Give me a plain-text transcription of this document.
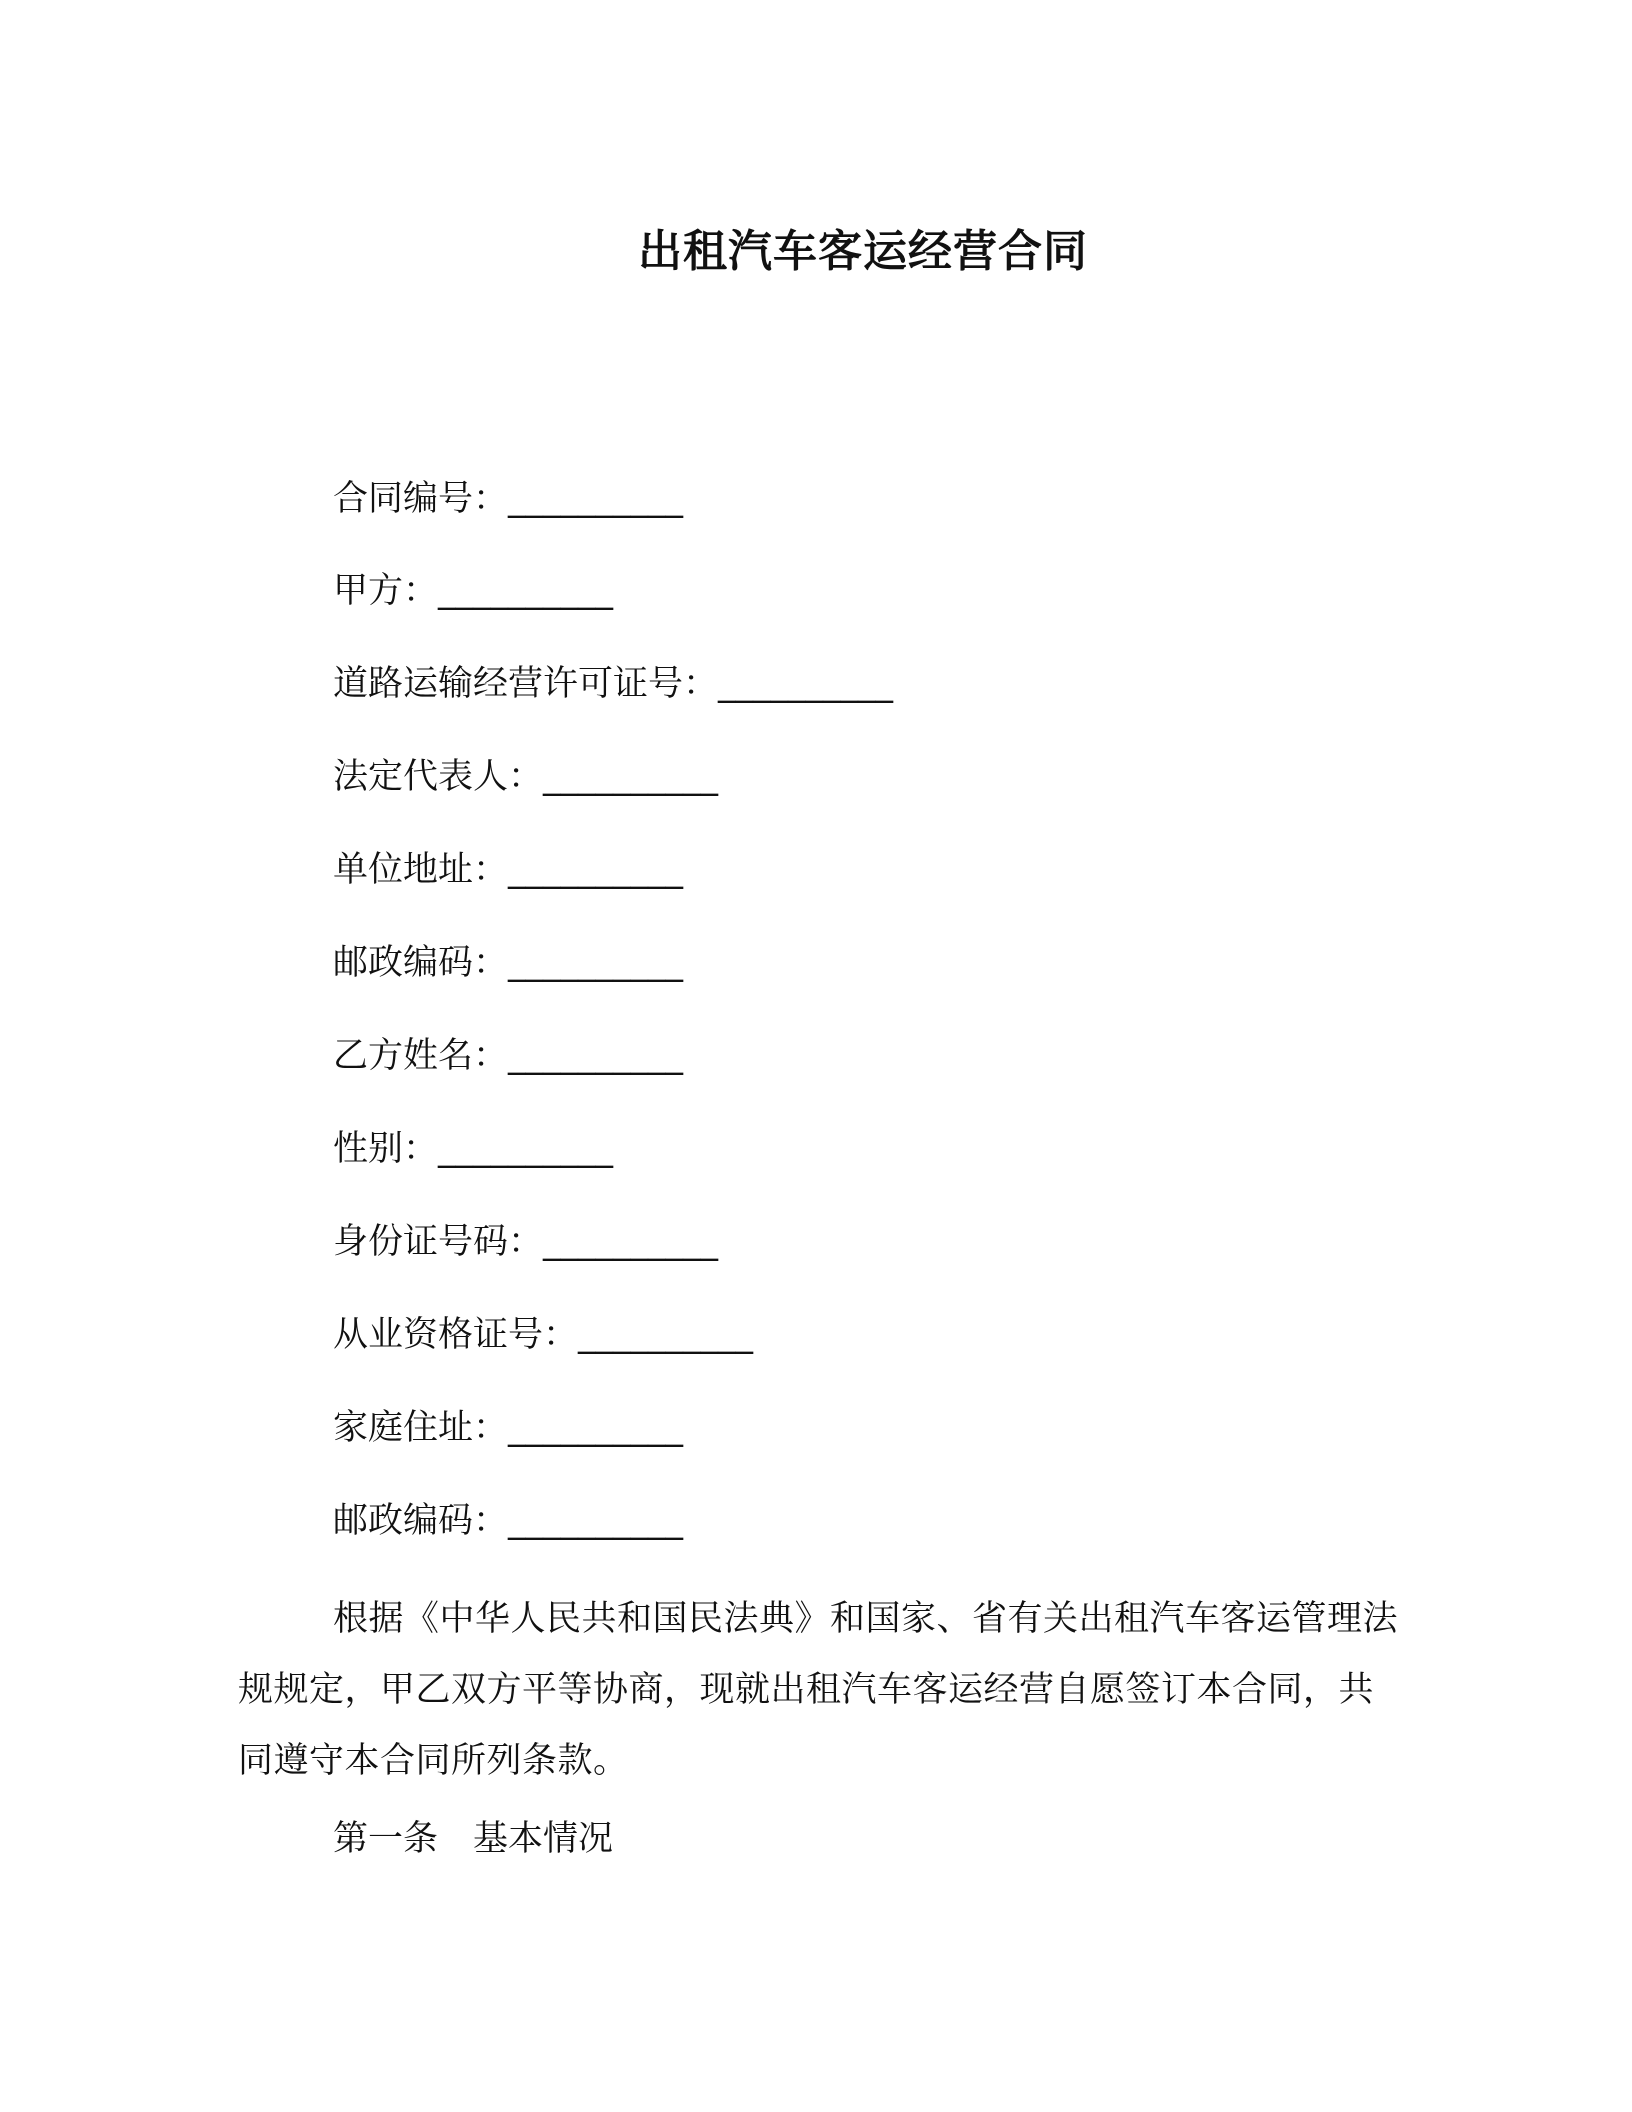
出租汽车客运经营合同
合同编号：__________
甲方：__________
道路运输经营许可证号：__________
法定代表人：__________
单位地址：__________
邮政编码：__________
乙方姓名：__________
性别：__________
身份证号码：__________
从业资格证号：__________
家庭住址：__________
邮政编码：__________
根据《中华人民共和国民法典》和国家、省有关出租汽车客运管理法规规定，甲乙双方平等协商，现就出租汽车客运经营自愿签订本合同，共同遵守本合同所列条款。
第一条　基本情况
